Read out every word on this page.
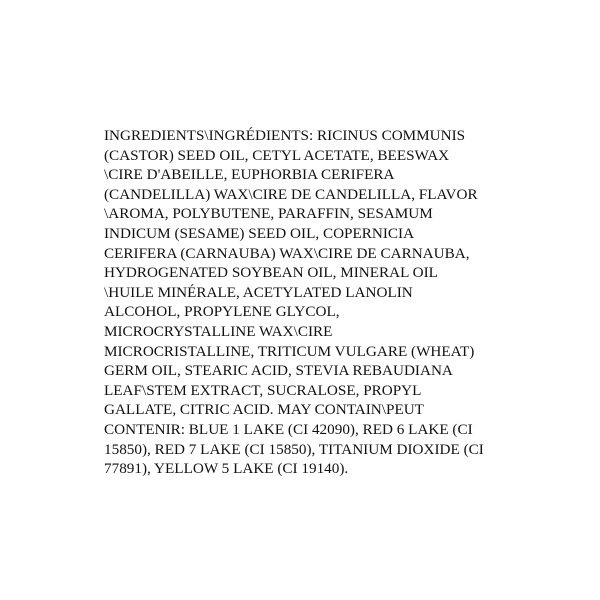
INGREDIENTS\INGRÉDIENTS: RICINUS COMMUNIS
(CASTOR) SEED OIL, CETYL ACETATE, BEESWAX
\CIRE D'ABEILLE, EUPHORBIA CERIFERA
(CANDELILLA) WAX\CIRE DE CANDELILLA, FLAVOR
\AROMA, POLYBUTENE, PARAFFIN, SESAMUM
INDICUM (SESAME) SEED OIL, COPERNICIA
CERIFERA (CARNAUBA) WAX\CIRE DE CARNAUBA,
HYDROGENATED SOYBEAN OIL, MINERAL OIL
\HUILE MINÉRALE, ACETYLATED LANOLIN
ALCOHOL, PROPYLENE GLYCOL,
MICROCRYSTALLINE WAX\CIRE
MICROCRISTALLINE, TRITICUM VULGARE (WHEAT)
GERM OIL, STEARIC ACID, STEVIA REBAUDIANA
LEAF\STEM EXTRACT, SUCRALOSE, PROPYL
GALLATE, CITRIC ACID. MAY CONTAIN\PEUT
CONTENIR: BLUE 1 LAKE (CI 42090), RED 6 LAKE (CI
15850), RED 7 LAKE (CI 15850), TITANIUM DIOXIDE (CI
77891), YELLOW 5 LAKE (CI 19140).
